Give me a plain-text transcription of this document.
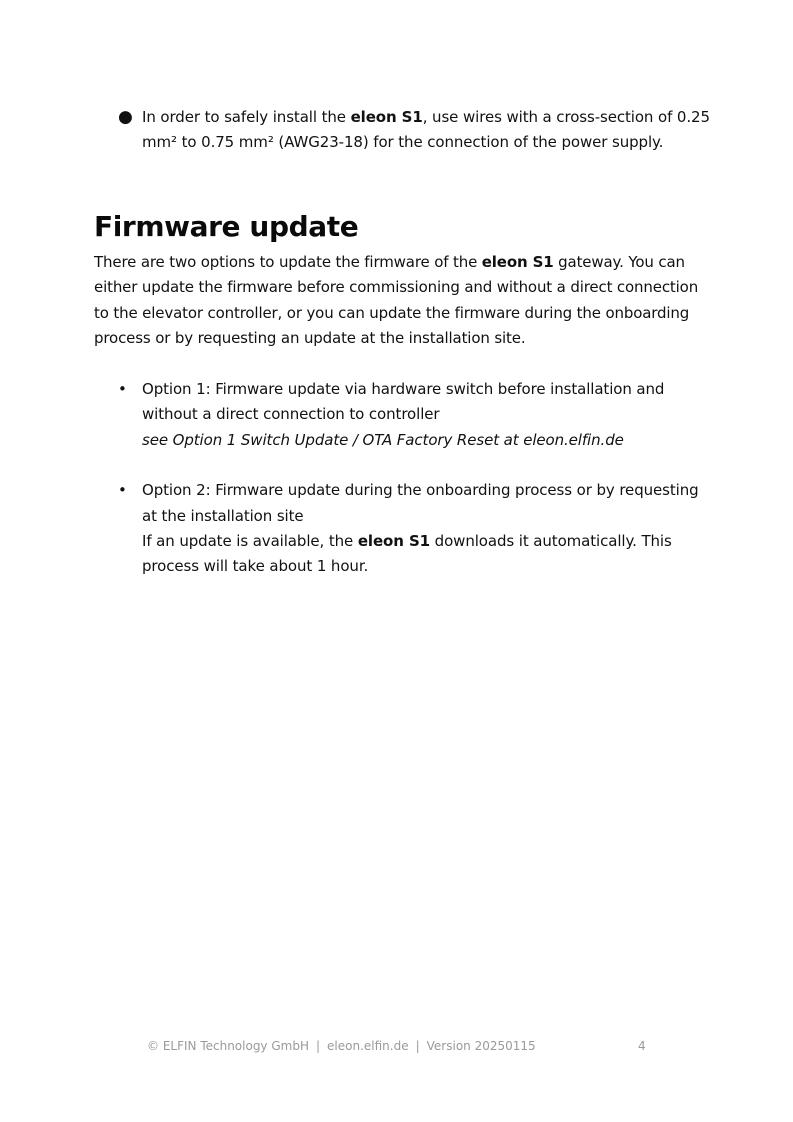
● In order to safely install the eleon S1, use wires with a cross-section of 0.25 mm² to 0.75 mm² (AWG23-18) for the connection of the power supply.
Firmware update

There are two options to update the firmware of the eleon S1 gateway. You can either update the firmware before commissioning and without a direct connection to the elevator controller, or you can update the firmware during the onboarding process or by requesting an update at the installation site.

• Option 1: Firmware update via hardware switch before installation and without a direct connection to controller
see Option 1 Switch Update / OTA Factory Reset at eleon.elfin.de
• Option 2: Firmware update during the onboarding process or by requesting at the installation site
If an update is available, the eleon S1 downloads it automatically. This process will take about 1 hour.
© ELFIN Technology GmbH | eleon.elfin.de | Version 20250115	4
